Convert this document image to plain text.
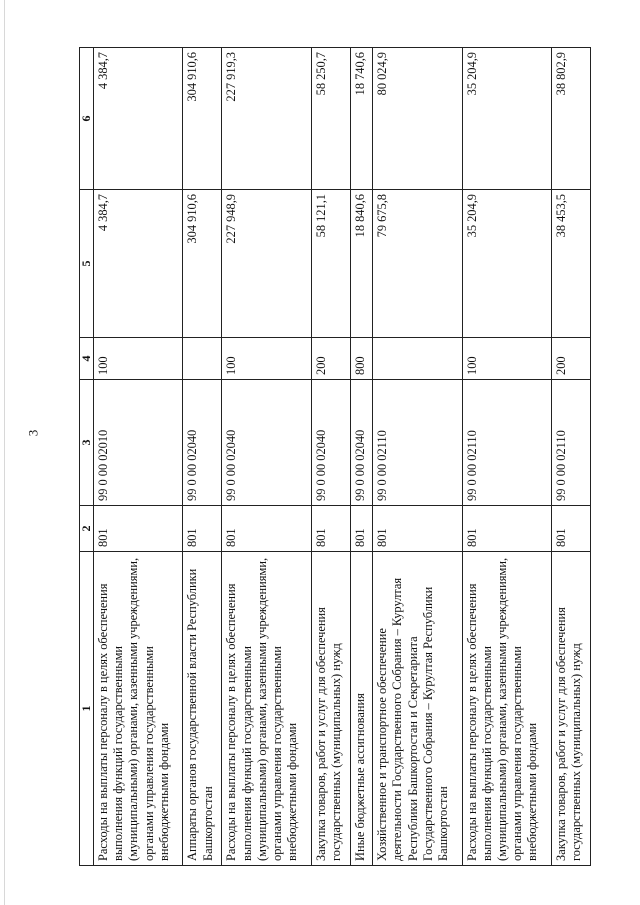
3
1	2	3	4	5	6
Расходы на выплаты персоналу в целях обеспечения выполнения функций государственными (муниципальными) органами, казенными учреждениями, органами управления государственными внебюджетными фондами	801	99 0 00 02010	100	4 384,7	4 384,7
Аппараты органов государственной власти Республики Башкортостан	801	99 0 00 02040		304 910,6	304 910,6
Расходы на выплаты персоналу в целях обеспечения выполнения функций государственными (муниципальными) органами, казенными учреждениями, органами управления государственными внебюджетными фондами	801	99 0 00 02040	100	227 948,9	227 919,3
Закупка товаров, работ и услуг для обеспечения государственных (муниципальных) нужд	801	99 0 00 02040	200	58 121,1	58 250,7
Иные бюджетные ассигнования	801	99 0 00 02040	800	18 840,6	18 740,6
Хозяйственное и транспортное обеспечение деятельности Государственного Собрания – Курултая Республики Башкортостан и Секретариата Государственного Собрания – Курултая Республики Башкортостан	801	99 0 00 02110		79 675,8	80 024,9
Расходы на выплаты персоналу в целях обеспечения выполнения функций государственными (муниципальными) органами, казенными учреждениями, органами управления государственными внебюджетными фондами	801	99 0 00 02110	100	35 204,9	35 204,9
Закупка товаров, работ и услуг для обеспечения государственных (муниципальных) нужд	801	99 0 00 02110	200	38 453,5	38 802,9
